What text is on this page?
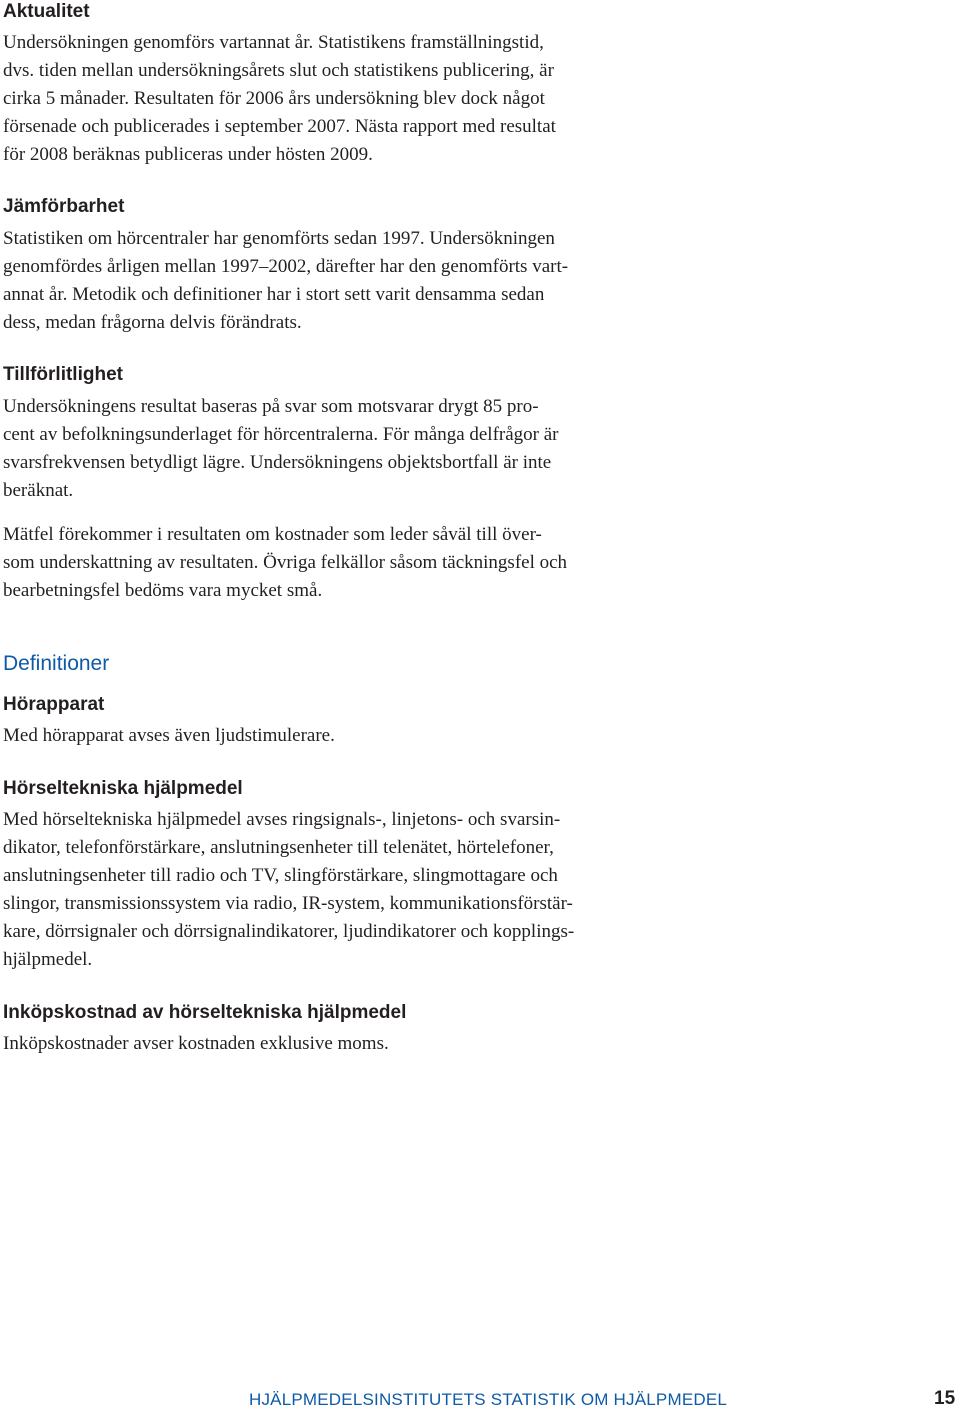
Aktualitet

Undersökningen genomförs vartannat år. Statistikens framställningstid,
dvs. tiden mellan undersökningsårets slut och statistikens publicering, är
cirka 5 månader. Resultaten för 2006 års undersökning blev dock något
försenade och publicerades i september 2007. Nästa rapport med resultat
för 2008 beräknas publiceras under hösten 2009.

Jämförbarhet

Statistiken om hörcentraler har genomförts sedan 1997. Undersökningen
genomfördes årligen mellan 1997–2002, därefter har den genomförts vart-
annat år. Metodik och definitioner har i stort sett varit densamma sedan
dess, medan frågorna delvis förändrats.

Tillförlitlighet

Undersökningens resultat baseras på svar som motsvarar drygt 85 pro-
cent av befolkningsunderlaget för hörcentralerna. För många delfrågor är
svarsfrekvensen betydligt lägre. Undersökningens objektsbortfall är inte
beräknat.

Mätfel förekommer i resultaten om kostnader som leder såväl till över-
som underskattning av resultaten. Övriga felkällor såsom täckningsfel och
bearbetningsfel bedöms vara mycket små.

Definitioner
Hörapparat

Med hörapparat avses även ljudstimulerare.

Hörseltekniska hjälpmedel

Med hörseltekniska hjälpmedel avses ringsignals-, linjetons- och svarsin-
dikator, telefonförstärkare, anslutningsenheter till telenätet, hörtelefoner,
anslutningsenheter till radio och TV, slingförstärkare, slingmottagare och
slingor, transmissionssystem via radio, IR-system, kommunikationsförstär-
kare, dörrsignaler och dörrsignalindikatorer, ljudindikatorer och kopplings-
hjälpmedel.

Inköpskostnad av hörseltekniska hjälpmedel

Inköpskostnader avser kostnaden exklusive moms.

HJÄLPMEDELSINSTITUTETS STATISTIK OM HJÄLPMEDEL	15
